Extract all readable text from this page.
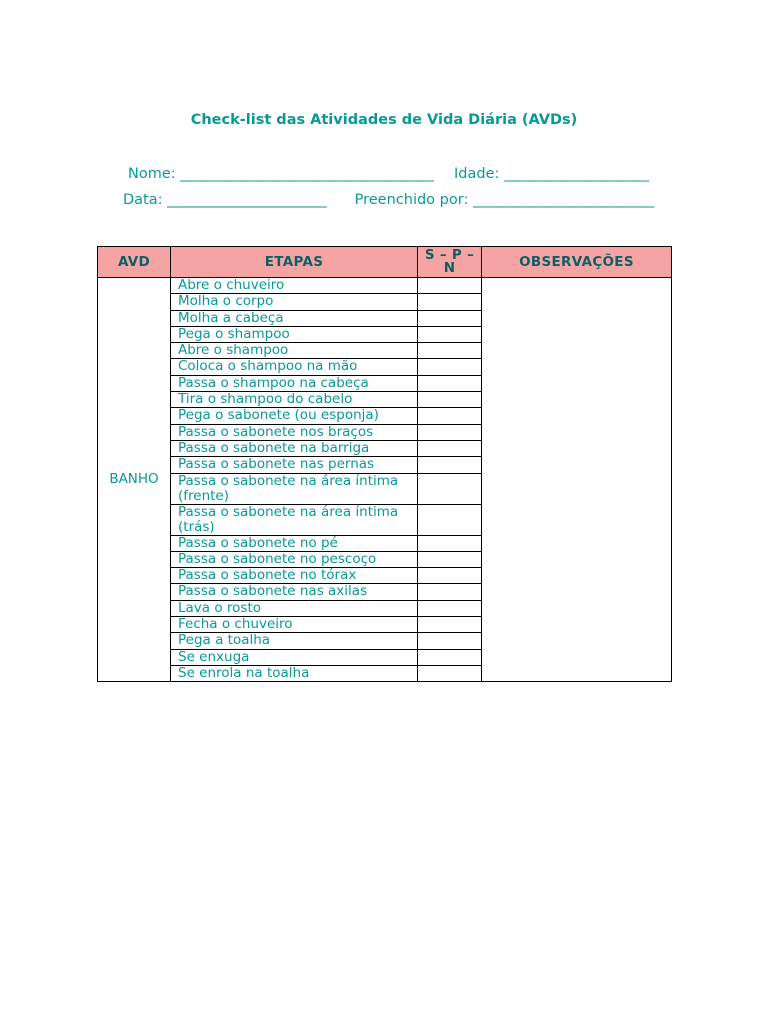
Check-list das Atividades de Vida Diária (AVDs)
Nome: ___________________________________ Idade: ____________________
Data: ______________________ Preenchido por: _________________________
AVD	ETAPAS	S – P – N	OBSERVAÇÕES
BANHO	Abre o chuveiro		
	Molha o corpo		
	Molha a cabeça		
	Pega o shampoo		
	Abre o shampoo		
	Coloca o shampoo na mão		
	Passa o shampoo na cabeça		
	Tira o shampoo do cabelo		
	Pega o sabonete (ou esponja)		
	Passa o sabonete nos braços		
	Passa o sabonete na barriga		
	Passa o sabonete nas pernas		
	Passa o sabonete na área íntima (frente)		
	Passa o sabonete na área íntima (trás)		
	Passa o sabonete no pé		
	Passa o sabonete no pescoço		
	Passa o sabonete no tórax		
	Passa o sabonete nas axilas		
	Lava o rosto		
	Fecha o chuveiro		
	Pega a toalha		
	Se enxuga		
	Se enrola na toalha		
